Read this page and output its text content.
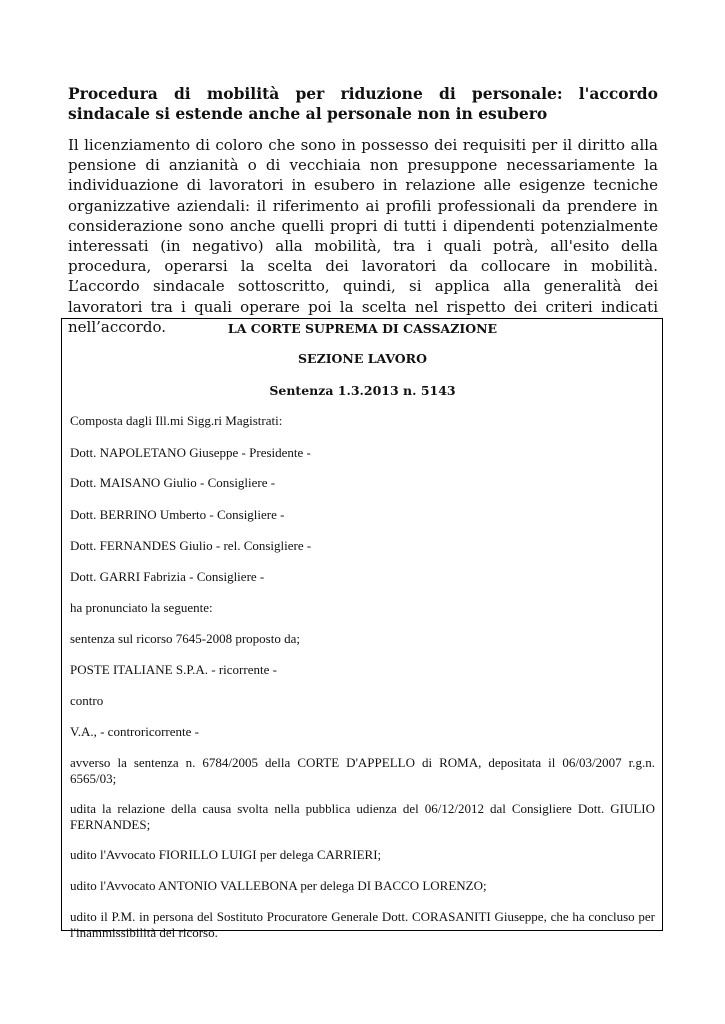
Procedura di mobilità per riduzione di personale: l'accordo sindacale si estende anche al personale non in esubero
Il licenziamento di coloro che sono in possesso dei requisiti per il diritto alla pensione di anzianità o di vecchiaia non presuppone necessariamente la individuazione di lavoratori in esubero in relazione alle esigenze tecniche organizzative aziendali: il riferimento ai profili professionali da prendere in considerazione sono anche quelli propri di tutti i dipendenti potenzialmente interessati (in negativo) alla mobilità, tra i quali potrà, all'esito della procedura, operarsi la scelta dei lavoratori da collocare in mobilità. L’accordo sindacale sottoscritto, quindi, si applica alla generalità dei lavoratori tra i quali operare poi la scelta nel rispetto dei criteri indicati nell’accordo.	LA CORTE SUPREMA DI CASSAZIONE
SEZIONE LAVORO
Sentenza 1.3.2013 n. 5143
Composta dagli Ill.mi Sigg.ri Magistrati:
Dott. NAPOLETANO Giuseppe - Presidente -
Dott. MAISANO Giulio - Consigliere -
Dott. BERRINO Umberto - Consigliere -
Dott. FERNANDES Giulio - rel. Consigliere -
Dott. GARRI Fabrizia - Consigliere -
ha pronunciato la seguente:
sentenza sul ricorso 7645-2008 proposto da;
POSTE ITALIANE S.P.A. - ricorrente -
contro
V.A., - controricorrente -
avverso la sentenza n. 6784/2005 della CORTE D'APPELLO di ROMA, depositata il 06/03/2007 r.g.n. 6565/03;
udita la relazione della causa svolta nella pubblica udienza del 06/12/2012 dal Consigliere Dott. GIULIO FERNANDES;
udito l'Avvocato FIORILLO LUIGI per delega CARRIERI;
udito l'Avvocato ANTONIO VALLEBONA per delega DI BACCO LORENZO;
udito il P.M. in persona del Sostituto Procuratore Generale Dott. CORASANITI Giuseppe, che ha concluso per l'inammissibilità del ricorso.
